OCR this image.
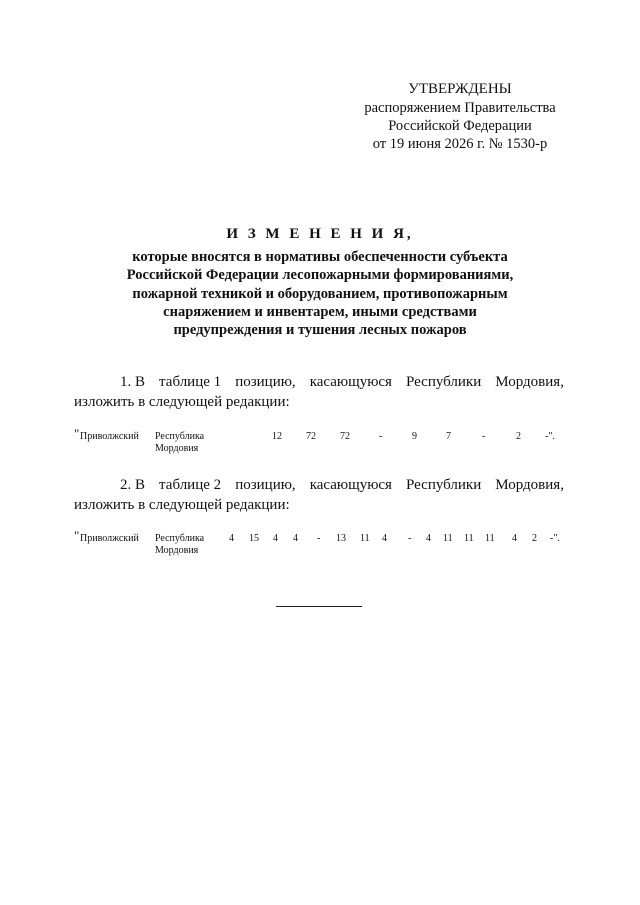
УТВЕРЖДЕНЫ
распоряжением Правительства
Российской Федерации
от 19 июня 2026 г. № 1530-р
И З М Е Н Е Н И Я,
которые вносятся в нормативы обеспеченности субъекта
Российской Федерации лесопожарными формированиями,
пожарной техникой и оборудованием, противопожарным
снаряжением и инвентарем, иными средствами
предупреждения и тушения лесных пожаров
1. В таблице 1 позицию, касающуюся Республики Мордовия,
изложить в следующей редакции:
" Приволжский Республика
Мордовия
12 72 72	-	9	7	-	2 -".
2. В таблице 2 позицию, касающуюся Республики Мордовия,
изложить в следующей редакции:
" Приволжский Республика
Мордовия
4 15 4 4 - 13 11 4 - 4 11 11 11 4 2 -".
